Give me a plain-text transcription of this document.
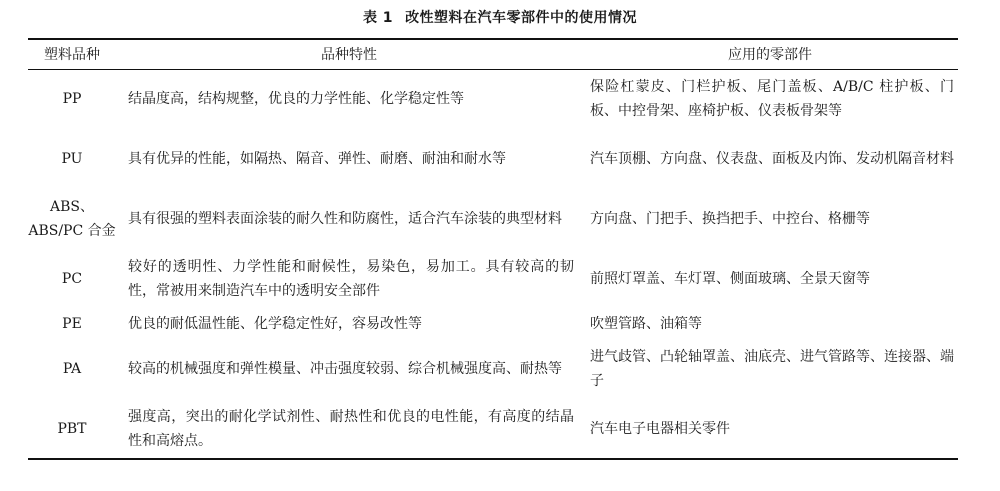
表 1 改性塑料在汽车零部件中的使用情况
塑料品种	品种特性	应用的零部件
PP	结晶度高，结构规整，优良的力学性能、化学稳定性等	保险杠蒙皮、门栏护板、尾门盖板、A/B/C 柱护板、门板、中控骨架、座椅护板、仪表板骨架等
PU	具有优异的性能，如隔热、隔音、弹性、耐磨、耐油和耐水等	汽车顶棚、方向盘、仪表盘、面板及内饰、发动机隔音材料
ABS、ABS/PC 合金	具有很强的塑料表面涂装的耐久性和防腐性，适合汽车涂装的典型材料	方向盘、门把手、换挡把手、中控台、格栅等
PC	较好的透明性、力学性能和耐候性，易染色，易加工。具有较高的韧性，常被用来制造汽车中的透明安全部件	前照灯罩盖、车灯罩、侧面玻璃、全景天窗等
PE	优良的耐低温性能、化学稳定性好，容易改性等	吹塑管路、油箱等
PA	较高的机械强度和弹性模量、冲击强度较弱、综合机械强度高、耐热等	进气歧管、凸轮轴罩盖、油底壳、进气管路等、连接器、端子
PBT	强度高，突出的耐化学试剂性、耐热性和优良的电性能，有高度的结晶性和高熔点。	汽车电子电器相关零件
